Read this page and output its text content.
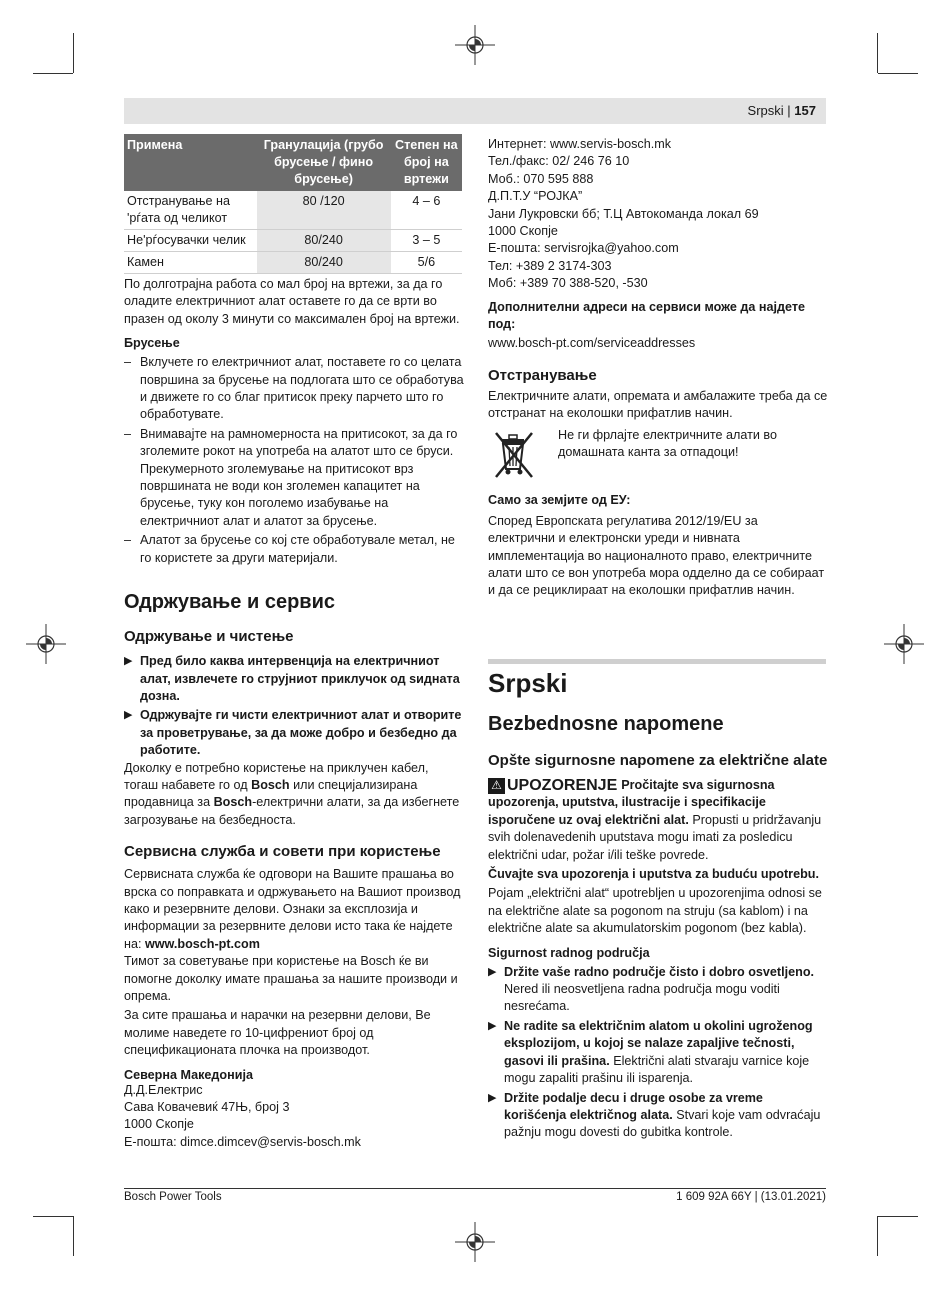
Srpski | 157
Примена	Гранулација (грубо брусење / фино брусење)	Степен на број на вртежи
Отстранување на 'рѓата од челикот	80 /120	4 – 6
Не'рѓосувачки челик	80/240	3 – 5
Камен	80/240	5/6
По долготрајна работа со мал број на вртежи, за да го оладите електричниот алат оставете го да се врти во празен од околу 3 минути со максимален број на вртежи.
Брусење
– Вклучете го електричниот алат, поставете го со целата површина за брусење на подлогата што се обработува и движете го со благ притисок преку парчето што го обработувате.
– Внимавајте на рамномерноста на притисокот, за да го зголемите рокот на употреба на алатот што се бруси. Прекумерното зголемување на притисокот врз површината не води кон зголемен капацитет на брусење, туку кон поголемо изабување на електричниот алат и алатот за брусење.
– Алатот за брусење со кој сте обработувале метал, не го користете за други материјали.
Одржување и сервис
Одржување и чистење
▶ Пред било каква интервенција на електричниот алат, извлечете го струјниот приклучок од ѕидната дозна.
▶ Одржувајте ги чисти електричниот алат и отворите за проветрување, за да може добро и безбедно да работите.
Доколку е потребно користење на приклучен кабел, тогаш набавете го од Bosch или специјализирана продавница за Bosch-електрични алати, за да избегнете загрозување на безбедноста.
Сервисна служба и совети при користење
Сервисната служба ќе одговори на Вашите прашања во врска со поправката и одржувањето на Вашиот производ како и резервните делови. Ознаки за експлозија и информации за резервните делови исто така ќе најдете на: www.bosch-pt.com
Тимот за советување при користење на Bosch ќе ви помогне доколку имате прашања за нашите производи и опрема.
За сите прашања и нарачки на резервни делови, Ве молиме наведете го 10-цифрениот број од спецификационата плочка на производот.
Северна Македонија
Д.Д.Електрис
Сава Ковачевиќ 47Њ, број 3
1000 Скопје
E-пошта: dimce.dimcev@servis-bosch.mk
Интернет: www.servis-bosch.mk
Тел./факс: 02/ 246 76 10
Моб.: 070 595 888
Д.П.Т.У “РОЈКА”
Јани Лукровски бб; Т.Ц Автокоманда локал 69
1000 Скопје
E-пошта: servisrojka@yahoo.com
Тел: +389 2 3174-303
Моб: +389 70 388-520, -530
Дополнителни адреси на сервиси може да најдете под:
www.bosch-pt.com/serviceaddresses
Отстранување
Електричните алати, опремата и амбалажите треба да се отстранат на еколошки прифатлив начин.
Не ги фрлајте електричните алати во домашната канта за отпадоци!
Само за земјите од ЕУ:
Според Европската регулатива 2012/19/EU за електрични и електронски уреди и нивната имплементација во националното право, електричните алати што се вон употреба мора одделно да се собираат и да се рециклираат на еколошки прифатлив начин.
Srpski
Bezbednosne napomene
Opšte sigurnosne napomene za električne alate
⚠ UPOZORENJE Pročitajte sva sigurnosna upozorenja, uputstva, ilustracije i specifikacije isporučene uz ovaj električni alat. Propusti u pridržavanju svih dolenavedenih uputstava mogu imati za posledicu električni udar, požar i/ili teške povrede.
Čuvajte sva upozorenja i uputstva za buduću upotrebu.
Pojam „električni alat“ upotrebljen u upozorenjima odnosi se na električne alate sa pogonom na struju (sa kablom) i na električne alate sa akumulatorskim pogonom (bez kabla).
Sigurnost radnog područja
▶ Držite vaše radno područje čisto i dobro osvetljeno. Nered ili neosvetljena radna područja mogu voditi nesrećama.
▶ Ne radite sa električnim alatom u okolini ugroženog eksplozijom, u kojoj se nalaze zapaljive tečnosti, gasovi ili prašina. Električni alati stvaraju varnice koje mogu zapaliti prašinu ili isparenja.
▶ Držite podalje decu i druge osobe za vreme korišćenja električnog alata. Stvari koje vam odvraćaju pažnju mogu dovesti do gubitka kontrole.
Bosch Power Tools	1 609 92A 66Y | (13.01.2021)
